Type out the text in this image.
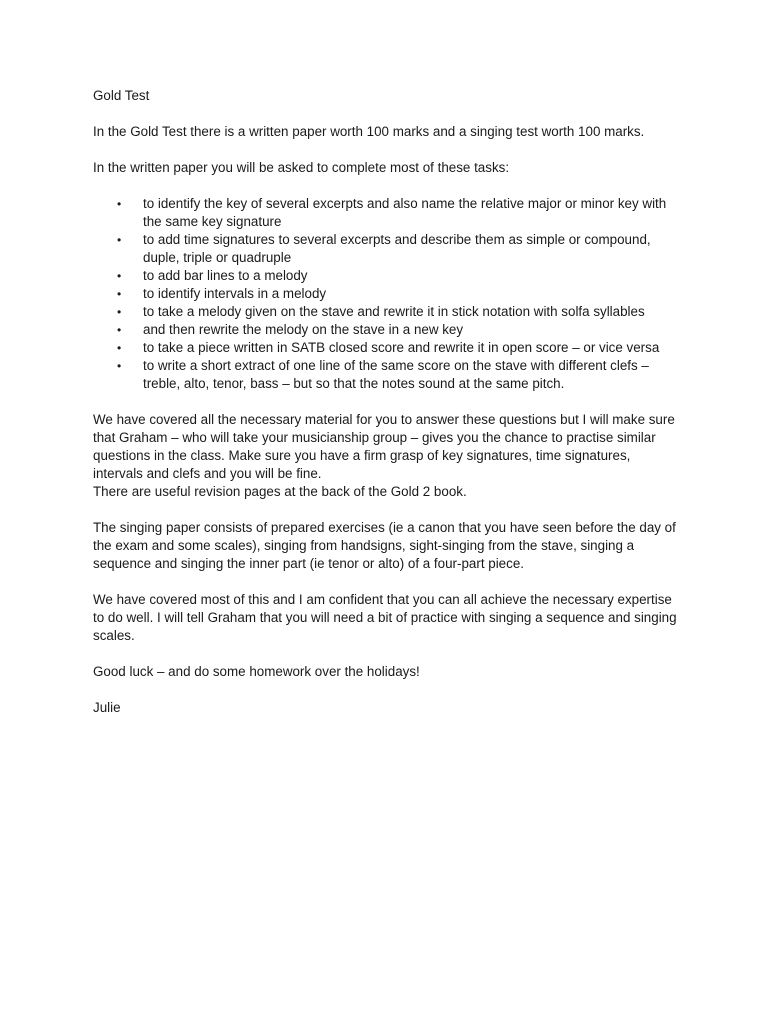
Gold Test

In the Gold Test there is a written paper worth 100 marks and a singing test worth 100 marks.

In the written paper you will be asked to complete most of these tasks:

• to identify the key of several excerpts and also name the relative major or minor key with the same key signature
• to add time signatures to several excerpts and describe them as simple or compound, duple, triple or quadruple
• to add bar lines to a melody
• to identify intervals in a melody
• to take a melody given on the stave and rewrite it in stick notation with solfa syllables
• and then rewrite the melody on the stave in a new key
• to take a piece written in SATB closed score and rewrite it in open score – or vice versa
• to write a short extract of one line of the same score on the stave with different clefs – treble, alto, tenor, bass – but so that the notes sound at the same pitch.

We have covered all the necessary material for you to answer these questions but I will make sure that Graham – who will take your musicianship group – gives you the chance to practise similar questions in the class. Make sure you have a firm grasp of key signatures, time signatures, intervals and clefs and you will be fine.

There are useful revision pages at the back of the Gold 2 book.

The singing paper consists of prepared exercises (ie a canon that you have seen before the day of the exam and some scales), singing from handsigns, sight-singing from the stave, singing a sequence and singing the inner part (ie tenor or alto) of a four-part piece.

We have covered most of this and I am confident that you can all achieve the necessary expertise to do well. I will tell Graham that you will need a bit of practice with singing a sequence and singing scales.

Good luck – and do some homework over the holidays!

Julie
